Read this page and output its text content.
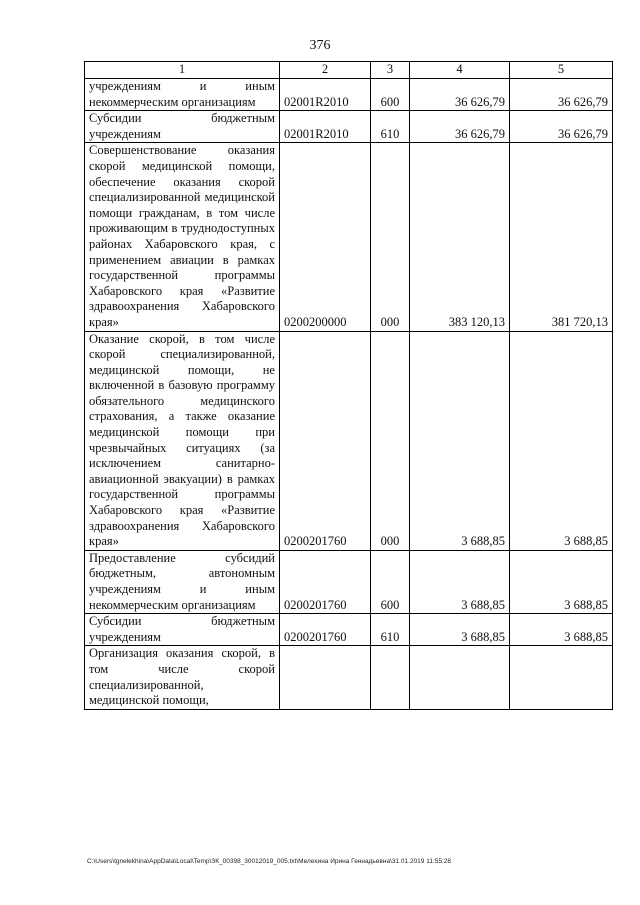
376
1	2	3	4	5
учреждениям и иным некоммерческим организациям	02001R2010	600	36 626,79	36 626,79
Субсидии бюджетным учреждениям	02001R2010	610	36 626,79	36 626,79
Совершенствование оказания скорой медицинской помощи, обеспечение оказания скорой специализированной медицинской помощи гражданам, в том числе проживающим в труднодоступных районах Хабаровского края, с применением авиации в рамках государственной программы Хабаровского края «Развитие здравоохранения Хабаровского края»	0200200000	000	383 120,13	381 720,13
Оказание скорой, в том числе скорой специализированной, медицинской помощи, не включенной в базовую программу обязательного медицинского страхования, а также оказание медицинской помощи при чрезвычайных ситуациях (за исключением санитарно-авиационной эвакуации) в рамках государственной программы Хабаровского края «Развитие здравоохранения Хабаровского края»	0200201760	000	3 688,85	3 688,85
Предоставление субсидий бюджетным, автономным учреждениям и иным некоммерческим организациям	0200201760	600	3 688,85	3 688,85
Субсидии бюджетным учреждениям	0200201760	610	3 688,85	3 688,85
Организация оказания скорой, в том числе скорой специализированной, медицинской помощи,				
C:\Users\tgnelekhina\AppData\Local\Temp\ЗК_00398_30012019_005.txt\Мелехина Ирина Геннадьевна\31.01.2019 11:55:28
